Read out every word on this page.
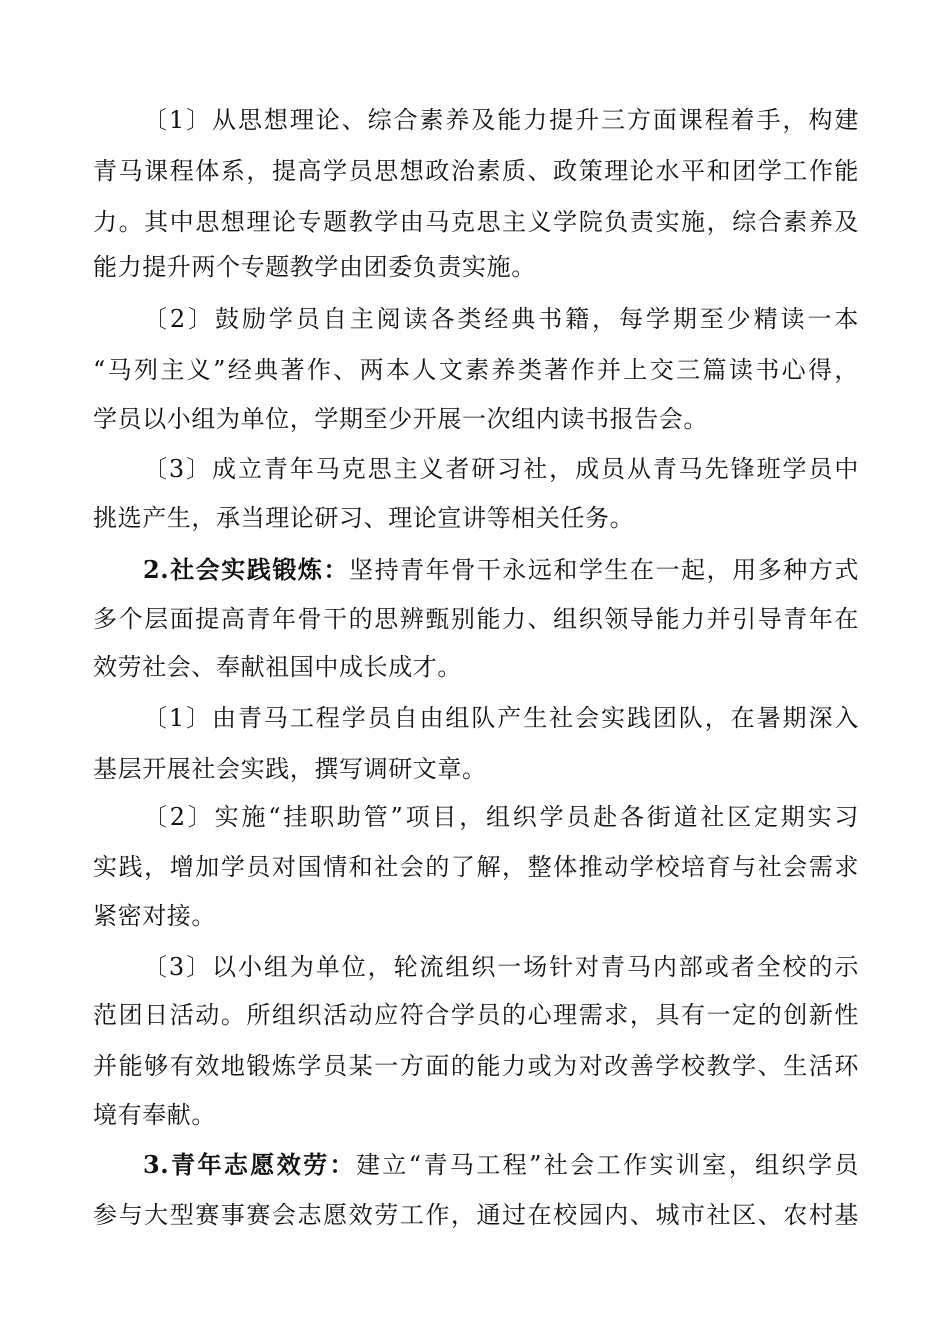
〔1〕从思想理论、综合素养及能力提升三方面课程着手，构建
青马课程体系，提高学员思想政治素质、政策理论水平和团学工作能
力。其中思想理论专题教学由马克思主义学院负责实施，综合素养及
能力提升两个专题教学由团委负责实施。
〔2〕鼓励学员自主阅读各类经典书籍，每学期至少精读一本
“马列主义”经典著作、两本人文素养类著作并上交三篇读书心得，
学员以小组为单位，学期至少开展一次组内读书报告会。
〔3〕成立青年马克思主义者研习社，成员从青马先锋班学员中
挑选产生，承当理论研习、理论宣讲等相关任务。
2.社会实践锻炼：坚持青年骨干永远和学生在一起，用多种方式
多个层面提高青年骨干的思辨甄别能力、组织领导能力并引导青年在
效劳社会、奉献祖国中成长成才。
〔1〕由青马工程学员自由组队产生社会实践团队，在暑期深入
基层开展社会实践，撰写调研文章。
〔2〕实施“挂职助管”项目，组织学员赴各街道社区定期实习
实践，增加学员对国情和社会的了解，整体推动学校培育与社会需求
紧密对接。
〔3〕以小组为单位，轮流组织一场针对青马内部或者全校的示
范团日活动。所组织活动应符合学员的心理需求，具有一定的创新性
并能够有效地锻炼学员某一方面的能力或为对改善学校教学、生活环
境有奉献。
3.青年志愿效劳：建立“青马工程”社会工作实训室，组织学员
参与大型赛事赛会志愿效劳工作，通过在校园内、城市社区、农村基
